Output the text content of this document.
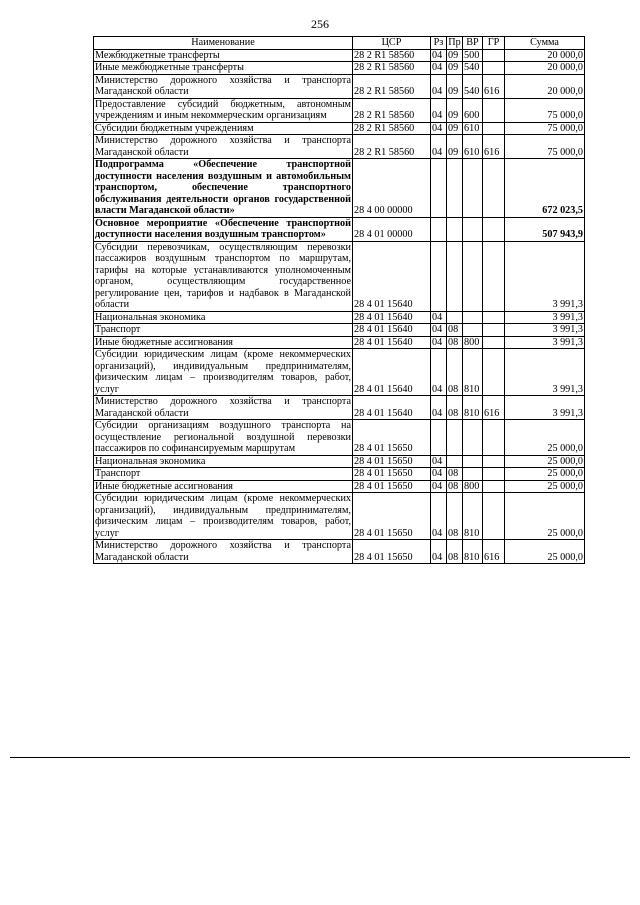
256
Наименование	ЦСР	Рз	Пр	ВР	ГР	Сумма
Межбюджетные трансферты	28 2 R1 58560	04	09	500		20 000,0
Иные межбюджетные трансферты	28 2 R1 58560	04	09	540		20 000,0
Министерство дорожного хозяйства и транспорта Магаданской области	28 2 R1 58560	04	09	540	616	20 000,0
Предоставление субсидий бюджетным, автономным учреждениям и иным некоммерческим организациям	28 2 R1 58560	04	09	600		75 000,0
Субсидии бюджетным учреждениям	28 2 R1 58560	04	09	610		75 000,0
Министерство дорожного хозяйства и транспорта Магаданской области	28 2 R1 58560	04	09	610	616	75 000,0
Подпрограмма «Обеспечение транспортной доступности населения воздушным и автомобильным транспортом, обеспечение транспортного обслуживания деятельности органов государственной власти Магаданской области»	28 4 00 00000					672 023,5
Основное мероприятие «Обеспечение транспортной доступности населения воздушным транспортом»	28 4 01 00000					507 943,9
Субсидии перевозчикам, осуществляющим перевозки пассажиров воздушным транспортом по маршрутам, тарифы на которые устанавливаются уполномоченным органом, осуществляющим государственное регулирование цен, тарифов и надбавок в Магаданской области	28 4 01 15640					3 991,3
Национальная экономика	28 4 01 15640	04				3 991,3
Транспорт	28 4 01 15640	04	08			3 991,3
Иные бюджетные ассигнования	28 4 01 15640	04	08	800		3 991,3
Субсидии юридическим лицам (кроме некоммерческих организаций), индивидуальным предпринимателям, физическим лицам – производителям товаров, работ, услуг	28 4 01 15640	04	08	810		3 991,3
Министерство дорожного хозяйства и транспорта Магаданской области	28 4 01 15640	04	08	810	616	3 991,3
Субсидии организациям воздушного транспорта на осуществление региональной воздушной перевозки пассажиров по софинансируемым маршрутам	28 4 01 15650					25 000,0
Национальная экономика	28 4 01 15650	04				25 000,0
Транспорт	28 4 01 15650	04	08			25 000,0
Иные бюджетные ассигнования	28 4 01 15650	04	08	800		25 000,0
Субсидии юридическим лицам (кроме некоммерческих организаций), индивидуальным предпринимателям, физическим лицам – производителям товаров, работ, услуг	28 4 01 15650	04	08	810		25 000,0
Министерство дорожного хозяйства и транспорта Магаданской области	28 4 01 15650	04	08	810	616	25 000,0
